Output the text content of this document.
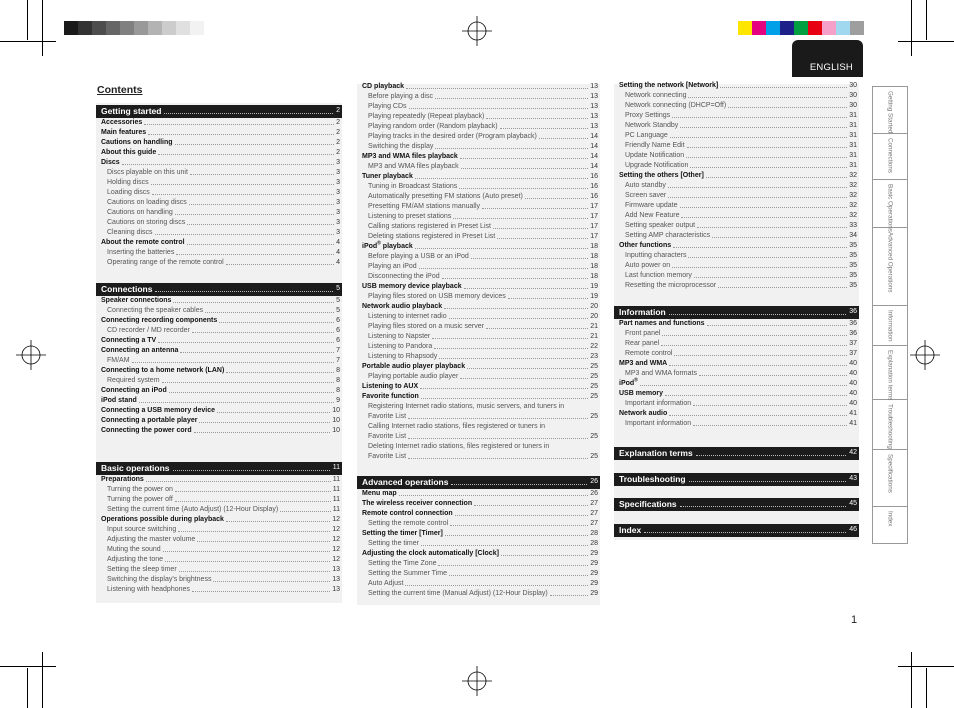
ENGLISH
Contents
Getting started	2
Accessories	2
Main features	2
Cautions on handling	2
About this guide	2
Discs	3
Discs playable on this unit	3
Holding discs	3
Loading discs	3
Cautions on loading discs	3
Cautions on handling	3
Cautions on storing discs	3
Cleaning discs	3
About the remote control	4
Inserting the batteries	4
Operating range of the remote control	4
Connections	5
Speaker connections	5
Connecting the speaker cables	5
Connecting recording components	6
CD recorder / MD recorder	6
Connecting a TV	6
Connecting an antenna	7
FM/AM	7
Connecting to a home network (LAN)	8
Required system	8
Connecting an iPod	8
iPod stand	9
Connecting a USB memory device	10
Connecting a portable player	10
Connecting the power cord	10
Basic operations	11
Preparations	11
Turning the power on	11
Turning the power off	11
Setting the current time (Auto Adjust) (12-Hour Display)	11
Operations possible during playback	12
Input source switching	12
Adjusting the master volume	12
Muting the sound	12
Adjusting the tone	12
Setting the sleep timer	13
Switching the display's brightness	13
Listening with headphones	13
CD playback	13
Before playing a disc	13
Playing CDs	13
Playing repeatedly (Repeat playback)	13
Playing random order (Random playback)	13
Playing tracks in the desired order (Program playback)	14
Switching the display	14
MP3 and WMA files playback	14
MP3 and WMA files playback	14
Tuner playback	16
Tuning in Broadcast Stations	16
Automatically presetting FM stations (Auto preset)	16
Presetting FM/AM stations manually	17
Listening to preset stations	17
Calling stations registered in Preset List	17
Deleting stations registered in Preset List	17
iPod® playback	18
Before playing a USB or an iPod	18
Playing an iPod	18
Disconnecting the iPod	18
USB memory device playback	19
Playing files stored on USB memory devices	19
Network audio playback	20
Listening to internet radio	20
Playing files stored on a music server	21
Listening to Napster	21
Listening to Pandora	22
Listening to Rhapsody	23
Portable audio player playback	25
Playing portable audio player	25
Listening to AUX	25
Favorite function	25
Registering Internet radio stations, music servers, and tuners in
Favorite List	25
Calling Internet radio stations, files registered or tuners in
Favorite List	25
Deleting Internet radio stations, files registered or tuners in
Favorite List	25
Advanced operations	26
Menu map	26
The wireless receiver connection	27
Remote control connection	27
Setting the remote control	27
Setting the timer [Timer]	28
Setting the timer	28
Adjusting the clock automatically [Clock]	29
Setting the Time Zone	29
Setting the Summer Time	29
Auto Adjust	29
Setting the current time (Manual Adjust) (12-Hour Display)	29
Setting the network [Network]	30
Network connecting	30
Network connecting (DHCP=Off)	30
Proxy Settings	31
Network Standby	31
PC Language	31
Friendly Name Edit	31
Update Notification	31
Upgrade Notification	31
Setting the others [Other]	32
Auto standby	32
Screen saver	32
Firmware update	32
Add New Feature	32
Setting speaker output	33
Setting AMP characteristics	34
Other functions	35
Inputting characters	35
Auto power on	35
Last function memory	35
Resetting the microprocessor	35
Information	36
Part names and functions	36
Front panel	36
Rear panel	37
Remote control	37
MP3 and WMA	40
MP3 and WMA formats	40
iPod®	40
USB memory	40
Important information	40
Network audio	41
Important information	41
Explanation terms	42
Troubleshooting	43
Specifications	45
Index	46
Getting Started
Connections
Basic Operations
Advanced Operations
Information
Explanation terms
Troubleshooting
Specifications
Index
1
